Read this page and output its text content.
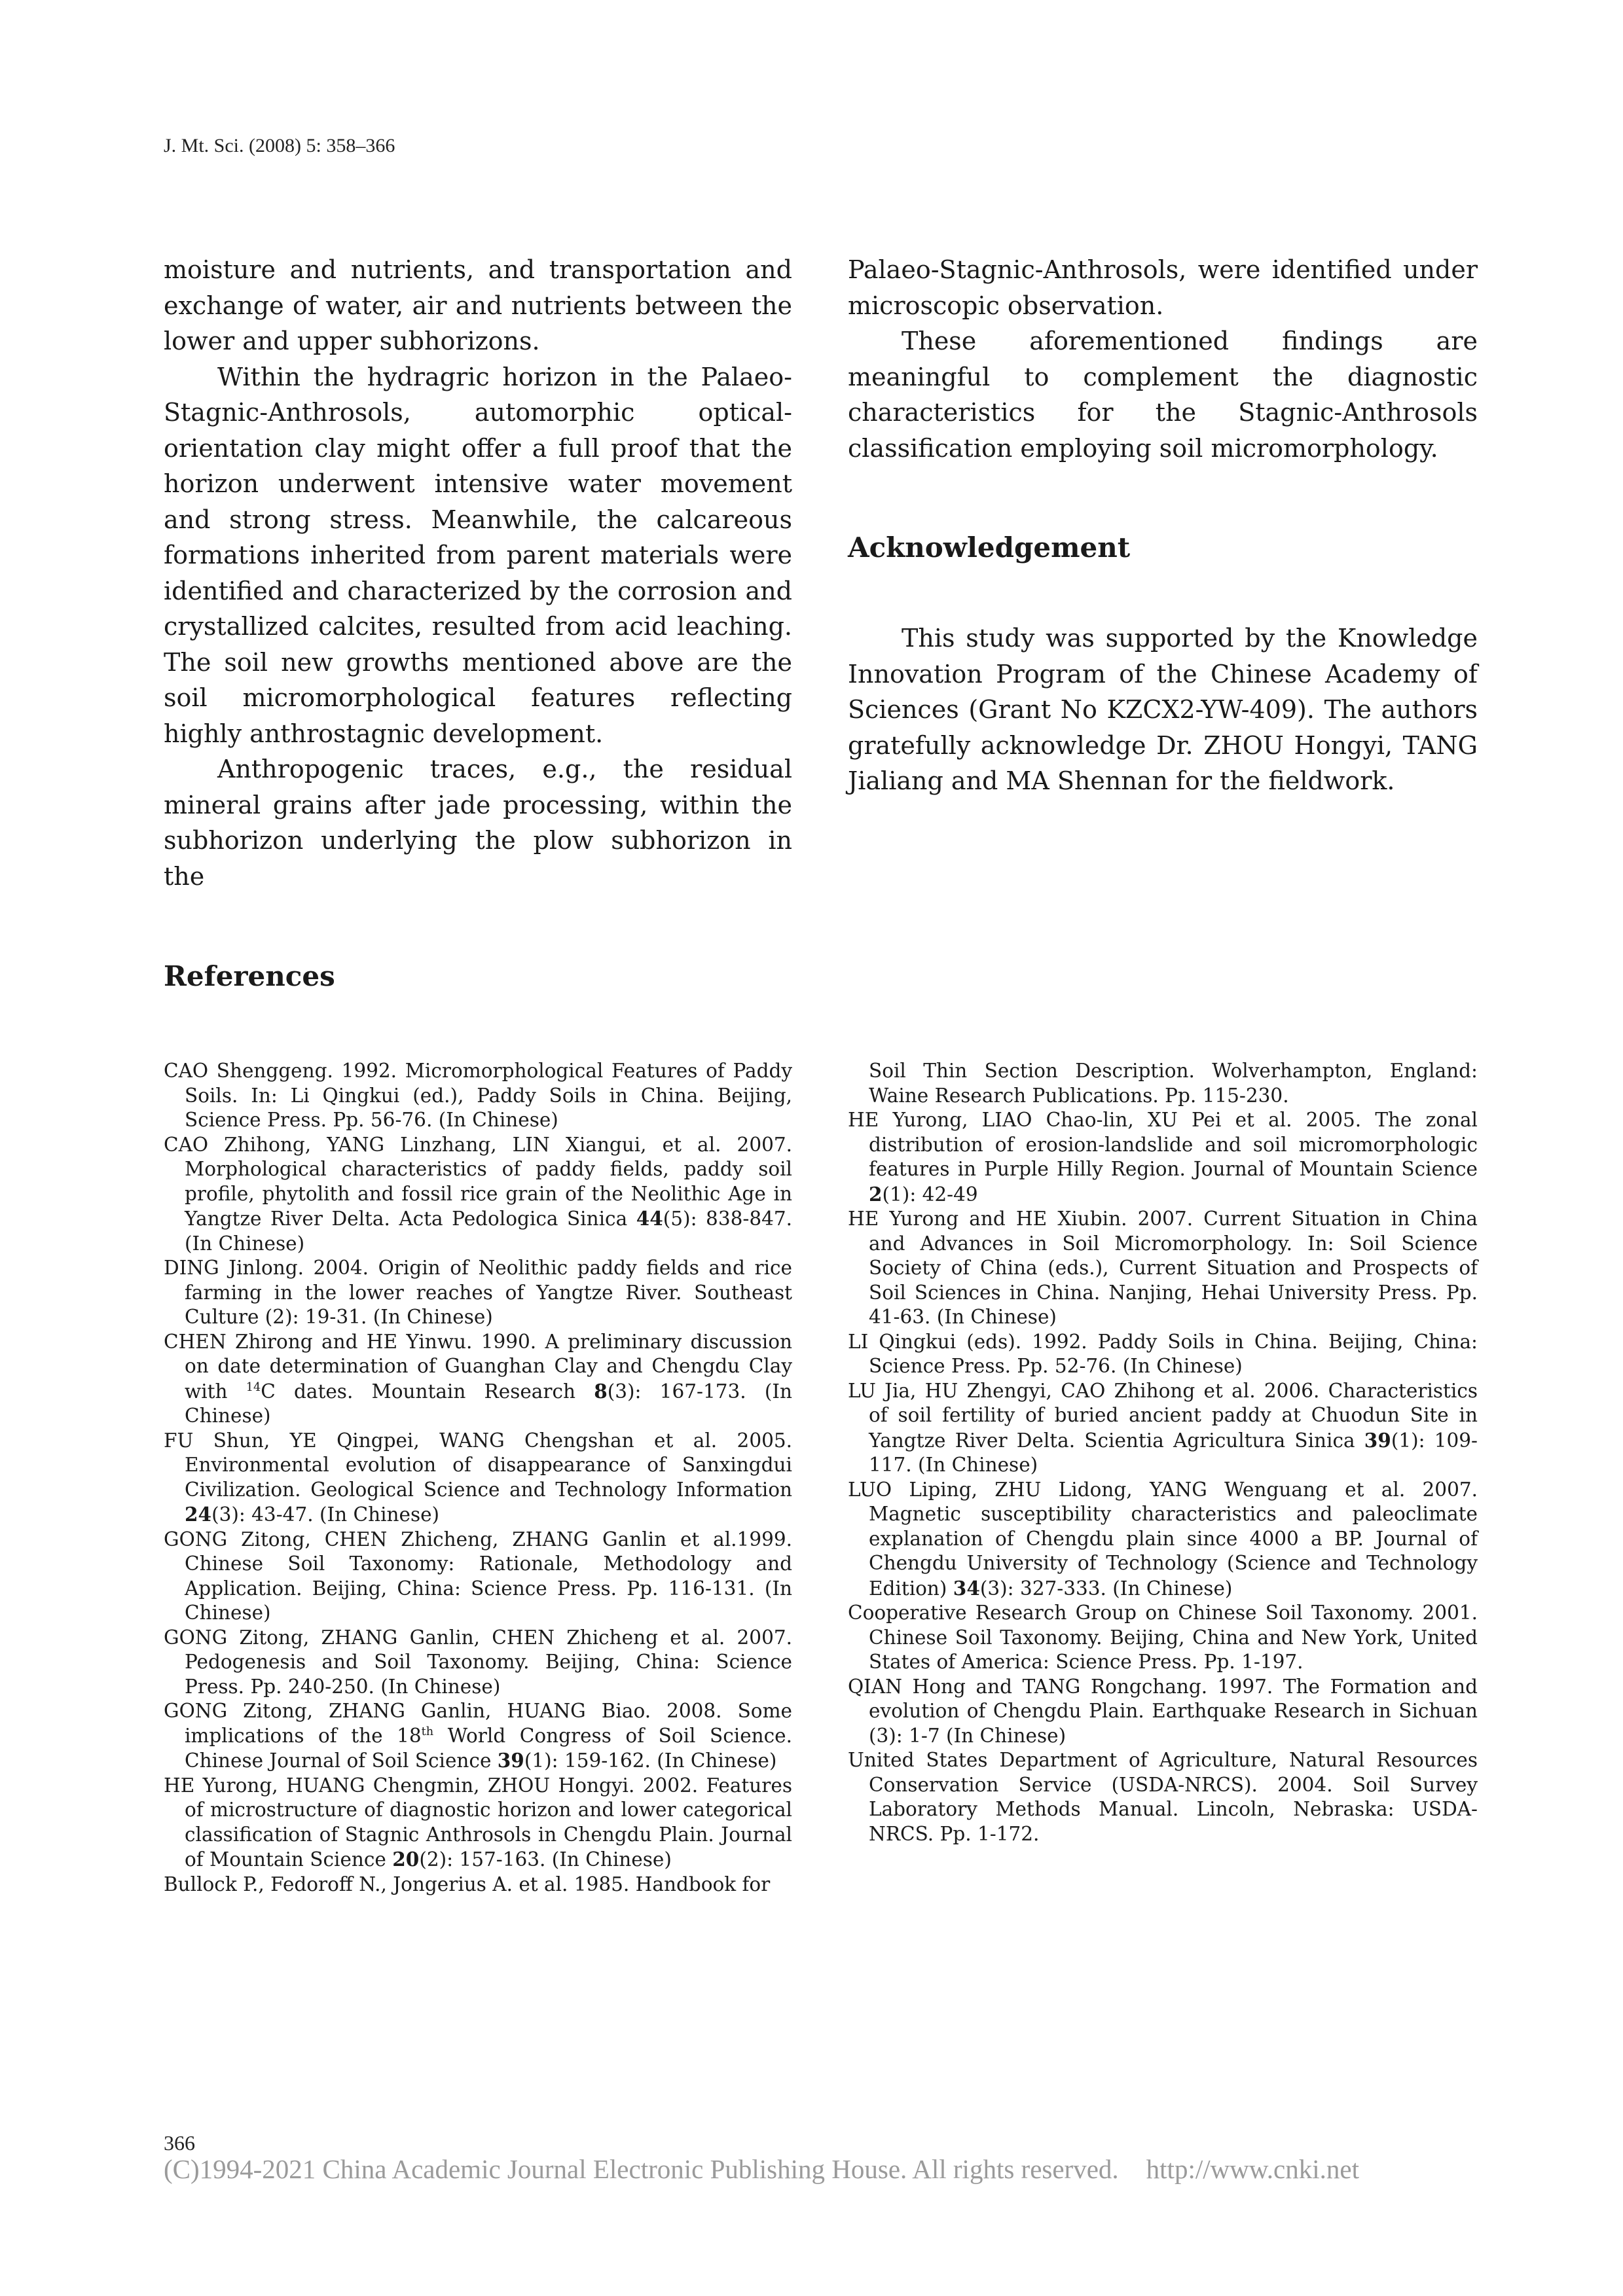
J. Mt. Sci. (2008) 5: 358–366

moisture and nutrients, and transportation and exchange of water, air and nutrients between the lower and upper subhorizons.

Within the hydragric horizon in the Palaeo-Stagnic-Anthrosols, automorphic optical-orientation clay might offer a full proof that the horizon underwent intensive water movement and strong stress. Meanwhile, the calcareous formations inherited from parent materials were identified and characterized by the corrosion and crystallized calcites, resulted from acid leaching. The soil new growths mentioned above are the soil micromorphological features reflecting highly anthrostagnic development.

Anthropogenic traces, e.g., the residual mineral grains after jade processing, within the subhorizon underlying the plow subhorizon in the

Palaeo-Stagnic-Anthrosols, were identified under microscopic observation.

These aforementioned findings are meaningful to complement the diagnostic characteristics for the Stagnic-Anthrosols classification employing soil micromorphology.

Acknowledgement

This study was supported by the Knowledge Innovation Program of the Chinese Academy of Sciences (Grant No KZCX2-YW-409). The authors gratefully acknowledge Dr. ZHOU Hongyi, TANG Jialiang and MA Shennan for the fieldwork.

References

CAO Shenggeng. 1992. Micromorphological Features of Paddy Soils. In: Li Qingkui (ed.), Paddy Soils in China. Beijing, Science Press. Pp. 56-76. (In Chinese)

CAO Zhihong, YANG Linzhang, LIN Xiangui, et al. 2007. Morphological characteristics of paddy fields, paddy soil profile, phytolith and fossil rice grain of the Neolithic Age in Yangtze River Delta. Acta Pedologica Sinica 44(5): 838-847. (In Chinese)

DING Jinlong. 2004. Origin of Neolithic paddy fields and rice farming in the lower reaches of Yangtze River. Southeast Culture (2): 19-31. (In Chinese)

CHEN Zhirong and HE Yinwu. 1990. A preliminary discussion on date determination of Guanghan Clay and Chengdu Clay with $^{14}$C dates. Mountain Research 8(3): 167-173. (In Chinese)

FU Shun, YE Qingpei, WANG Chengshan et al. 2005. Environmental evolution of disappearance of Sanxingdui Civilization. Geological Science and Technology Information 24(3): 43-47. (In Chinese)

GONG Zitong, CHEN Zhicheng, ZHANG Ganlin et al.1999. Chinese Soil Taxonomy: Rationale, Methodology and Application. Beijing, China: Science Press. Pp. 116-131. (In Chinese)

GONG Zitong, ZHANG Ganlin, CHEN Zhicheng et al. 2007. Pedogenesis and Soil Taxonomy. Beijing, China: Science Press. Pp. 240-250. (In Chinese)

GONG Zitong, ZHANG Ganlin, HUANG Biao. 2008. Some implications of the 18th World Congress of Soil Science. Chinese Journal of Soil Science 39(1): 159-162. (In Chinese)

HE Yurong, HUANG Chengmin, ZHOU Hongyi. 2002. Features of microstructure of diagnostic horizon and lower categorical classification of Stagnic Anthrosols in Chengdu Plain. Journal of Mountain Science 20(2): 157-163. (In Chinese)

Bullock P., Fedoroff N., Jongerius A. et al. 1985. Handbook for

Soil Thin Section Description. Wolverhampton, England: Waine Research Publications. Pp. 115-230.

HE Yurong, LIAO Chao-lin, XU Pei et al. 2005. The zonal distribution of erosion-landslide and soil micromorphologic features in Purple Hilly Region. Journal of Mountain Science 2(1): 42-49

HE Yurong and HE Xiubin. 2007. Current Situation in China and Advances in Soil Micromorphology. In: Soil Science Society of China (eds.), Current Situation and Prospects of Soil Sciences in China. Nanjing, Hehai University Press. Pp. 41-63. (In Chinese)

LI Qingkui (eds). 1992. Paddy Soils in China. Beijing, China: Science Press. Pp. 52-76. (In Chinese)

LU Jia, HU Zhengyi, CAO Zhihong et al. 2006. Characteristics of soil fertility of buried ancient paddy at Chuodun Site in Yangtze River Delta. Scientia Agricultura Sinica 39(1): 109-117. (In Chinese)

LUO Liping, ZHU Lidong, YANG Wenguang et al. 2007. Magnetic susceptibility characteristics and paleoclimate explanation of Chengdu plain since 4000 a BP. Journal of Chengdu University of Technology (Science and Technology Edition) 34(3): 327-333. (In Chinese)

Cooperative Research Group on Chinese Soil Taxonomy. 2001. Chinese Soil Taxonomy. Beijing, China and New York, United States of America: Science Press. Pp. 1-197.

QIAN Hong and TANG Rongchang. 1997. The Formation and evolution of Chengdu Plain. Earthquake Research in Sichuan (3): 1-7 (In Chinese)

United States Department of Agriculture, Natural Resources Conservation Service (USDA-NRCS). 2004. Soil Survey Laboratory Methods Manual. Lincoln, Nebraska: USDA-NRCS. Pp. 1-172.

366
(C)1994-2021 China Academic Journal Electronic Publishing House. All rights reserved. http://www.cnki.net
